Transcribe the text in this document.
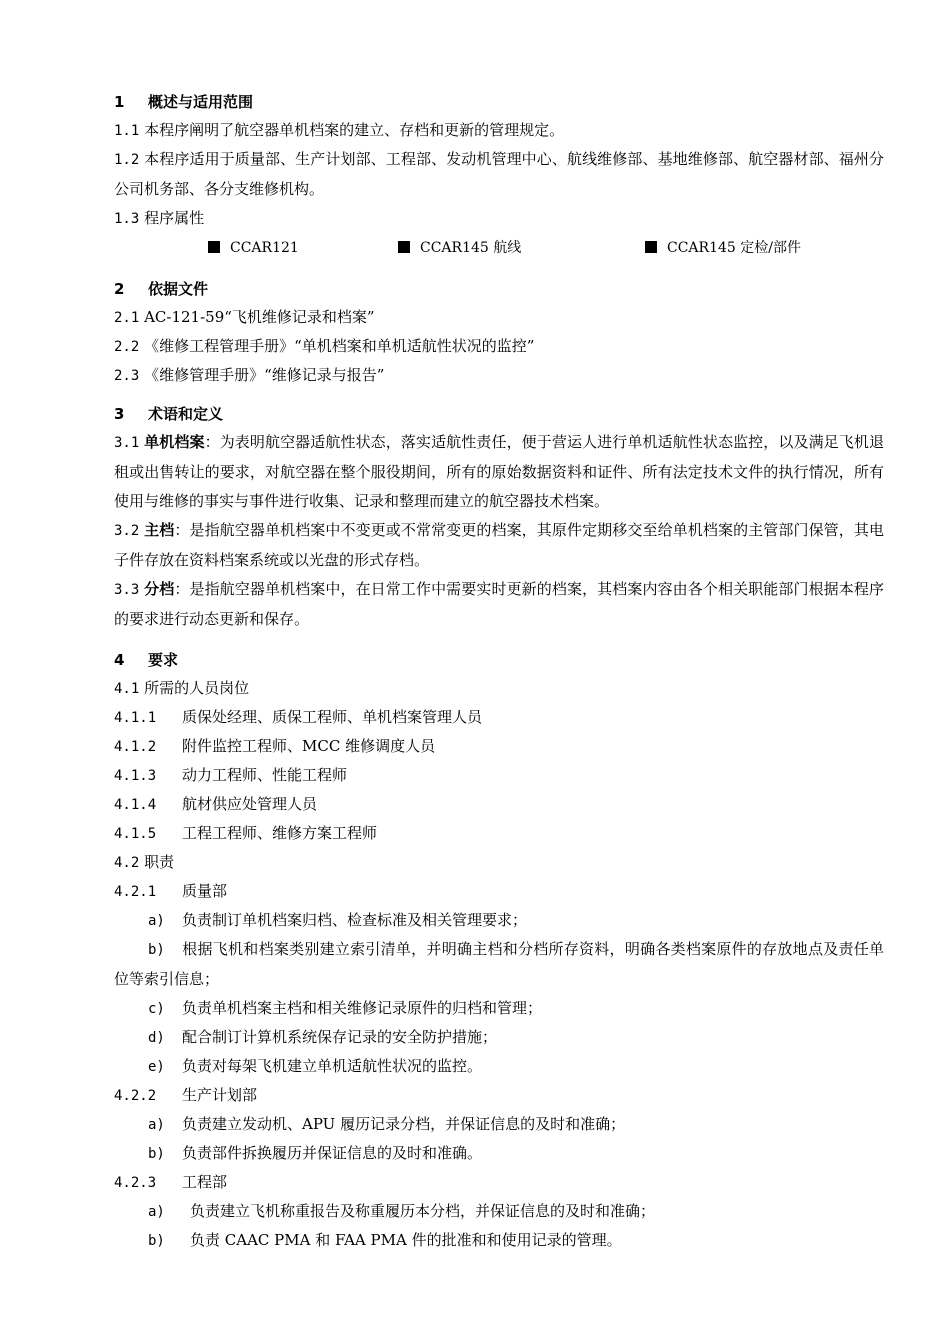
1 概述与适用范围
1.1 本程序阐明了航空器单机档案的建立、存档和更新的管理规定。
1.2 本程序适用于质量部、生产计划部、工程部、发动机管理中心、航线维修部、基地维修部、航空器材部、福州分公司机务部、各分支维修机构。
1.3 程序属性
CCAR121	CCAR145 航线	CCAR145 定检/部件
2 依据文件
2.1 AC-121-59“飞机维修记录和档案”
2.2 《维修工程管理手册》“单机档案和单机适航性状况的监控”
2.3 《维修管理手册》“维修记录与报告”
3 术语和定义
3.1 单机档案：为表明航空器适航性状态，落实适航性责任，便于营运人进行单机适航性状态监控，以及满足飞机退租或出售转让的要求，对航空器在整个服役期间，所有的原始数据资料和证件、所有法定技术文件的执行情况，所有使用与维修的事实与事件进行收集、记录和整理而建立的航空器技术档案。
3.2 主档：是指航空器单机档案中不变更或不常常变更的档案，其原件定期移交至给单机档案的主管部门保管，其电子件存放在资料档案系统或以光盘的形式存档。
3.3 分档：是指航空器单机档案中，在日常工作中需要实时更新的档案，其档案内容由各个相关职能部门根据本程序的要求进行动态更新和保存。
4 要求
4.1 所需的人员岗位
4.1.1 质保处经理、质保工程师、单机档案管理人员
4.1.2 附件监控工程师、MCC 维修调度人员
4.1.3 动力工程师、性能工程师
4.1.4 航材供应处管理人员
4.1.5 工程工程师、维修方案工程师
4.2 职责
4.2.1 质量部
a) 负责制订单机档案归档、检查标准及相关管理要求；
b) 根据飞机和档案类别建立索引清单，并明确主档和分档所存资料，明确各类档案原件的存放地点及责任单位等索引信息；
c) 负责单机档案主档和相关维修记录原件的归档和管理；
d) 配合制订计算机系统保存记录的安全防护措施；
e) 负责对每架飞机建立单机适航性状况的监控。
4.2.2 生产计划部
a) 负责建立发动机、APU 履历记录分档，并保证信息的及时和准确；
b) 负责部件拆换履历并保证信息的及时和准确。
4.2.3 工程部
a) 负责建立飞机称重报告及称重履历本分档，并保证信息的及时和准确；
b) 负责 CAAC PMA 和 FAA PMA 件的批准和和使用记录的管理。
